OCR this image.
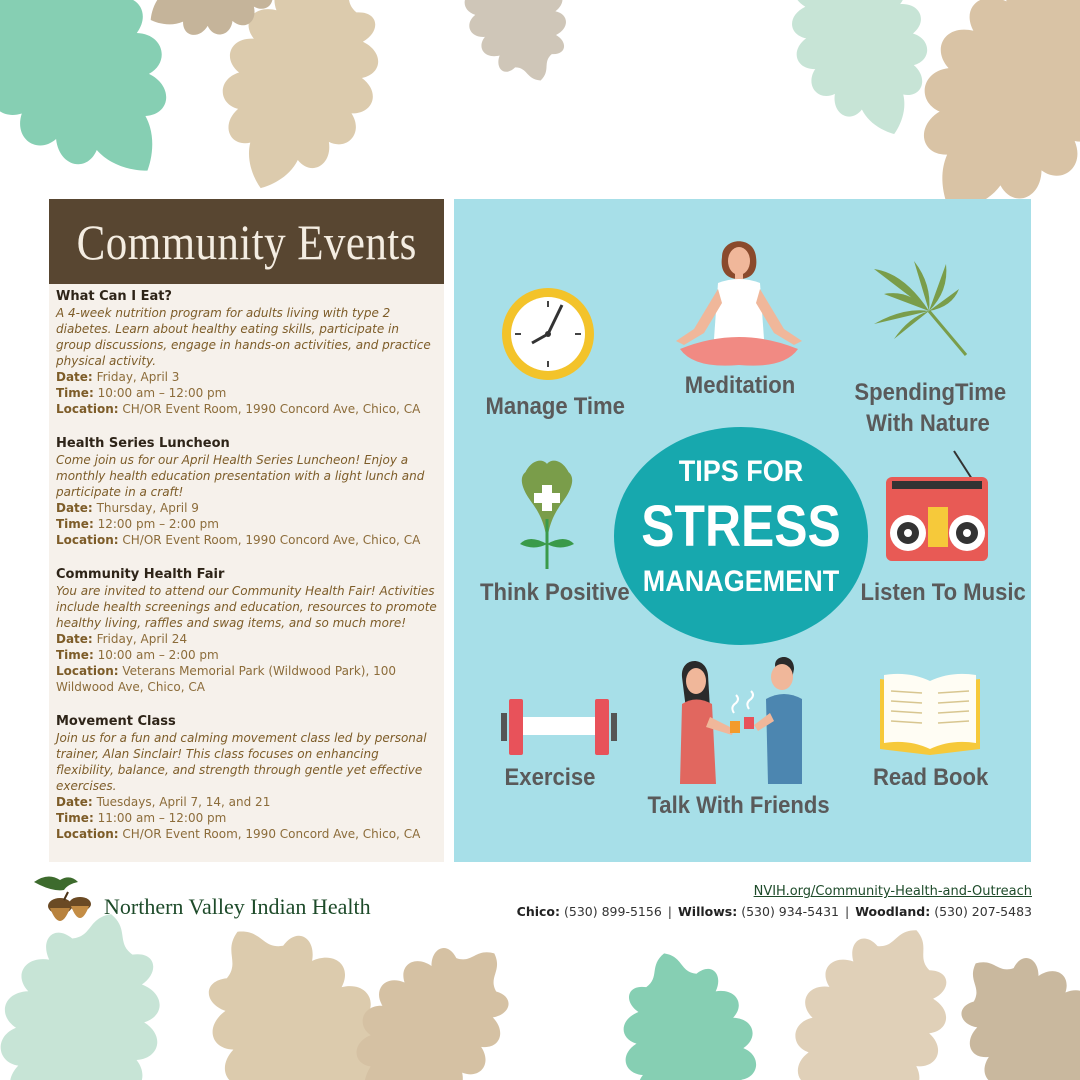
Community Events
What Can I Eat?
A 4-week nutrition program for adults living with type 2 diabetes. Learn about healthy eating skills, participate in group discussions, engage in hands-on activities, and practice physical activity.
Date: Friday, April 3
Time: 10:00 am – 12:00 pm
Location: CH/OR Event Room, 1990 Concord Ave, Chico, CA
Health Series Luncheon
Come join us for our April Health Series Luncheon! Enjoy a monthly health education presentation with a light lunch and participate in a craft!
Date: Thursday, April 9
Time: 12:00 pm – 2:00 pm
Location: CH/OR Event Room, 1990 Concord Ave, Chico, CA
Community Health Fair
You are invited to attend our Community Health Fair! Activities include health screenings and education, resources to promote healthy living, raffles and swag items, and so much more!
Date: Friday, April 24
Time: 10:00 am – 2:00 pm
Location: Veterans Memorial Park (Wildwood Park), 100 Wildwood Ave, Chico, CA
Movement Class
Join us for a fun and calming movement class led by personal trainer, Alan Sinclair! This class focuses on enhancing flexibility, balance, and strength through gentle yet effective exercises.
Date: Tuesdays, April 7, 14, and 21
Time: 11:00 am – 12:00 pm
Location: CH/OR Event Room, 1990 Concord Ave, Chico, CA
TIPS FOR
STRESS
MANAGEMENT
Manage Time
Meditation	SpendingTime
With Nature
Think Positive	Listen To Music
Exercise
Talk With Friends
Read Book
Northern Valley Indian Health
NVIH.org/Community-Health-and-Outreach
Chico: (530) 899-5156 | Willows: (530) 934-5431 | Woodland: (530) 207-5483
